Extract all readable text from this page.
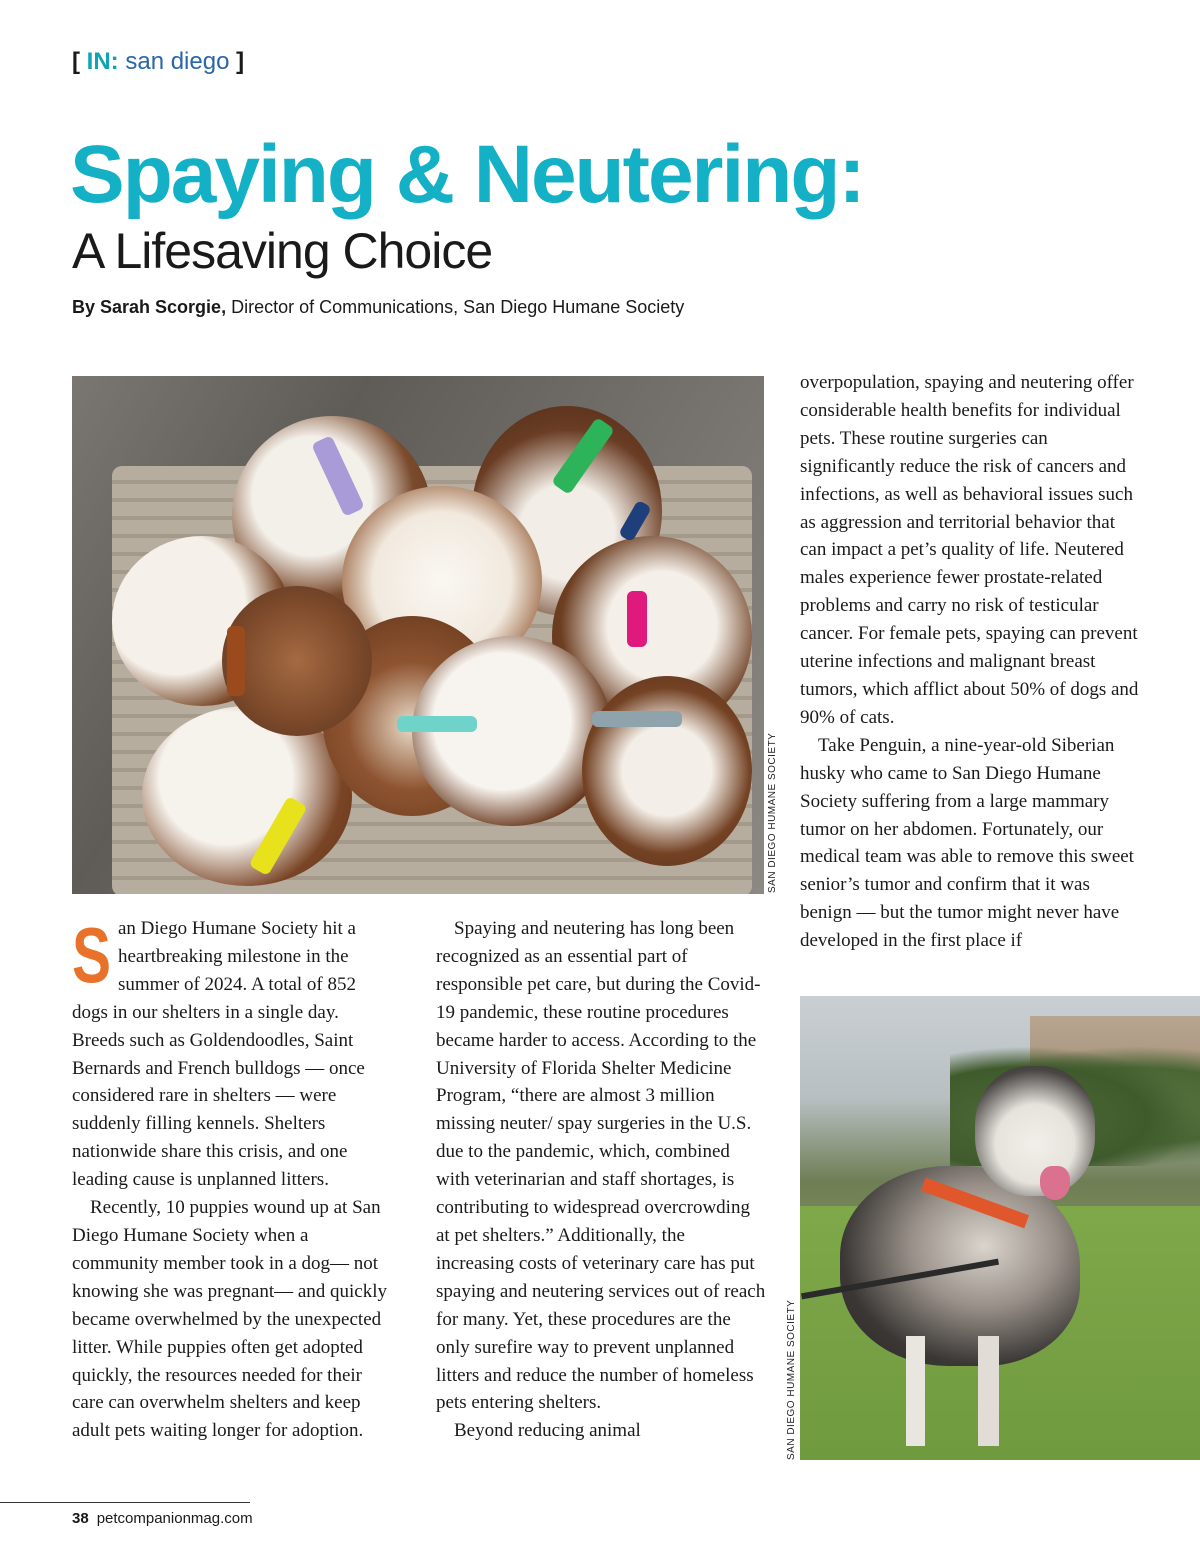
[ IN: san diego ]
Spaying & Neutering:
A Lifesaving Choice
By Sarah Scorgie, Director of Communications, San Diego Humane Society
SAN DIEGO HUMANE SOCIETY
SAN DIEGO HUMANE SOCIETY

San Diego Humane Society hit a heartbreaking milestone in the summer of 2024. A total of 852 dogs in our shelters in a single day. Breeds such as Goldendoodles, Saint Bernards and French bulldogs — once considered rare in shelters — were suddenly filling kennels. Shelters nationwide share this crisis, and one leading cause is unplanned litters.

Recently, 10 puppies wound up at San Diego Humane Society when a community member took in a dog— not knowing she was pregnant— and quickly became overwhelmed by the unexpected litter. While puppies often get adopted quickly, the resources needed for their care can overwhelm shelters and keep adult pets waiting longer for adoption.

Spaying and neutering has long been recognized as an essential part of responsible pet care, but during the Covid-19 pandemic, these routine procedures became harder to access. According to the University of Florida Shelter Medicine Program, “there are almost 3 million missing neuter/ spay surgeries in the U.S. due to the pandemic, which, combined with veterinarian and staff shortages, is contributing to widespread overcrowding at pet shelters.” Additionally, the increasing costs of veterinary care has put spaying and neutering services out of reach for many. Yet, these procedures are the only surefire way to prevent unplanned litters and reduce the number of homeless pets entering shelters.

Beyond reducing animal

overpopulation, spaying and neutering offer considerable health benefits for individual pets. These routine surgeries can significantly reduce the risk of cancers and infections, as well as behavioral issues such as aggression and territorial behavior that can impact a pet’s quality of life. Neutered males experience fewer prostate-related problems and carry no risk of testicular cancer. For female pets, spaying can prevent uterine infections and malignant breast tumors, which afflict about 50% of dogs and 90% of cats.

Take Penguin, a nine-year-old Siberian husky who came to San Diego Humane Society suffering from a large mammary tumor on her abdomen. Fortunately, our medical team was able to remove this sweet senior’s tumor and confirm that it was benign — but the tumor might never have developed in the first place if

38 petcompanionmag.com
